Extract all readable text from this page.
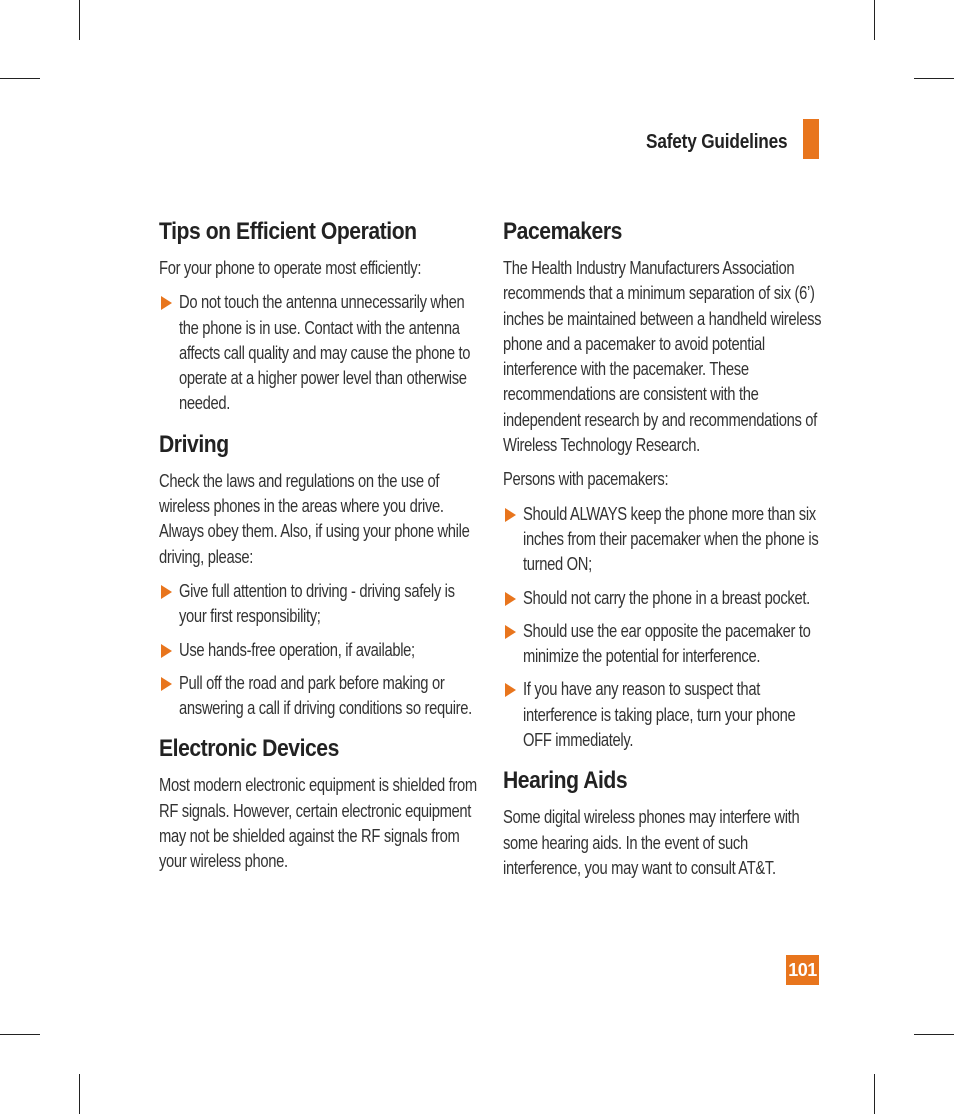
Safety Guidelines
Tips on Efficient Operation

For your phone to operate most efficiently:

Do not touch the antenna unnecessarily when the phone is in use. Contact with the antenna affects call quality and may cause the phone to operate at a higher power level than otherwise needed.
Driving

Check the laws and regulations on the use of wireless phones in the areas where you drive. Always obey them. Also, if using your phone while driving, please:

Give full attention to driving - driving safely is your first responsibility;
Use hands-free operation, if available;
Pull off the road and park before making or answering a call if driving conditions so require.
Electronic Devices

Most modern electronic equipment is shielded from RF signals. However, certain electronic equipment may not be shielded against the RF signals from your wireless phone.

Pacemakers

The Health Industry Manufacturers Association recommends that a minimum separation of six (6’) inches be maintained between a handheld wireless phone and a pacemaker to avoid potential interference with the pacemaker. These recommendations are consistent with the independent research by and recommendations of Wireless Technology Research.

Persons with pacemakers:

Should ALWAYS keep the phone more than six inches from their pacemaker when the phone is turned ON;
Should not carry the phone in a breast pocket.
Should use the ear opposite the pacemaker to minimize the potential for interference.
If you have any reason to suspect that interference is taking place, turn your phone OFF immediately.
Hearing Aids

Some digital wireless phones may interfere with some hearing aids. In the event of such interference, you may want to consult AT&T.

101
